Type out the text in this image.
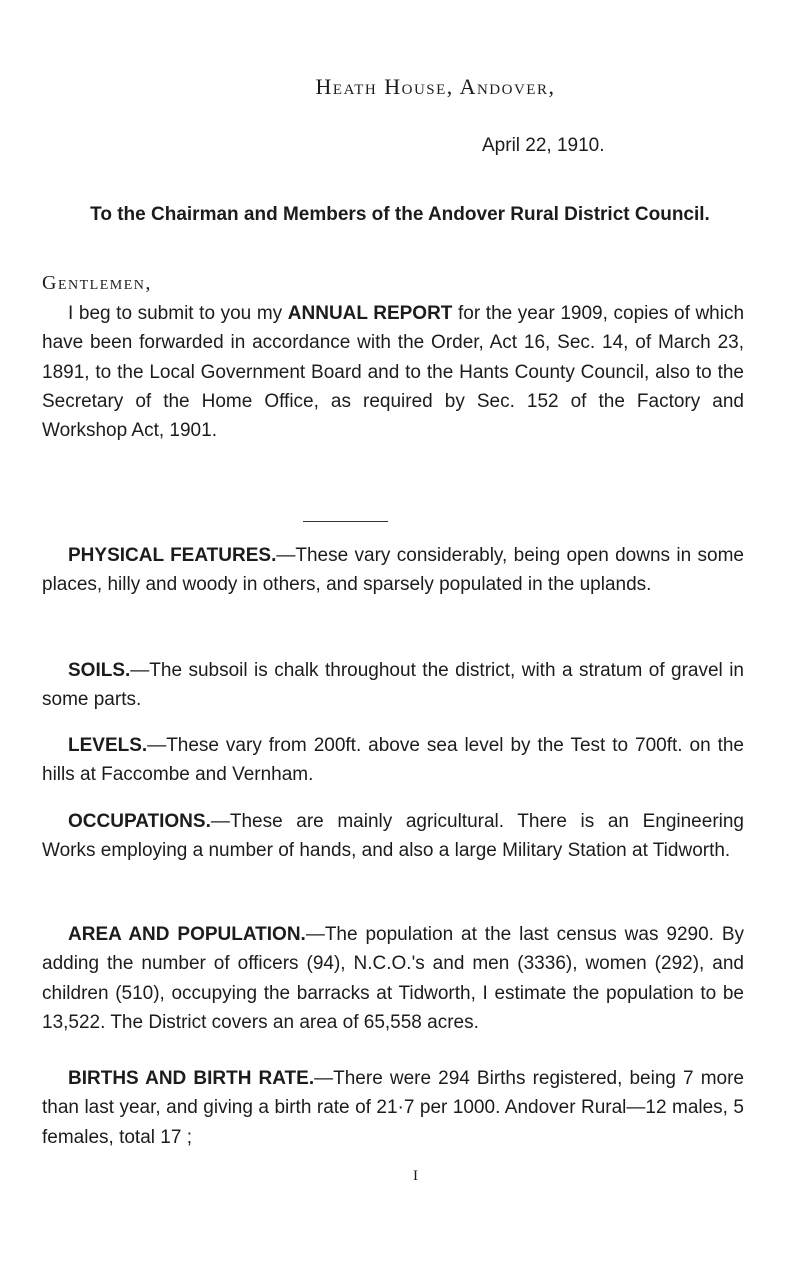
Heath House, Andover,
April 22, 1910.
To the Chairman and Members of the Andover Rural District Council.
Gentlemen,

I beg to submit to you my ANNUAL REPORT for the year 1909, copies of which have been forwarded in accordance with the Order, Act 16, Sec. 14, of March 23, 1891, to the Local Government Board and to the Hants County Council, also to the Secretary of the Home Office, as required by Sec. 152 of the Factory and Workshop Act, 1901.

PHYSICAL FEATURES.—These vary considerably, being open downs in some places, hilly and woody in others, and sparsely populated in the uplands.

SOILS.—The subsoil is chalk throughout the district, with a stratum of gravel in some parts.

LEVELS.—These vary from 200ft. above sea level by the Test to 700ft. on the hills at Faccombe and Vernham.

OCCUPATIONS.—These are mainly agricultural. There is an Engineering Works employing a number of hands, and also a large Military Station at Tidworth.

AREA AND POPULATION.—The population at the last census was 9290. By adding the number of officers (94), N.C.O.'s and men (3336), women (292), and children (510), occupying the barracks at Tidworth, I estimate the population to be 13,522. The District covers an area of 65,558 acres.

BIRTHS AND BIRTH RATE.—There were 294 Births registered, being 7 more than last year, and giving a birth rate of 21·7 per 1000. Andover Rural—12 males, 5 females, total 17 ;

I
